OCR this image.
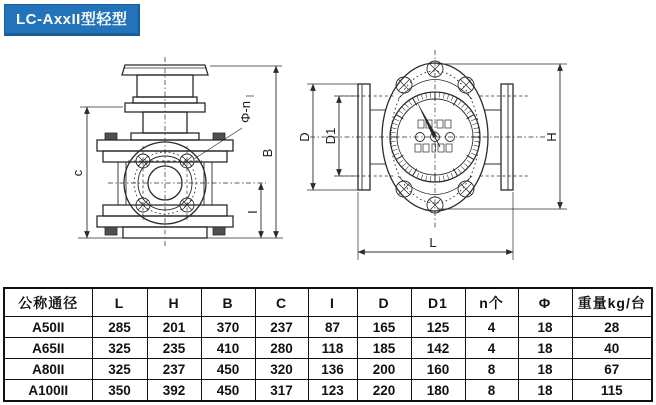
LC-AxxII型轻型
c
B
I
Φ-n
D D1	H
L
公称通径	L	H	B	C	I	D	D1	n个	Φ	重量kg/台
A50II	285	201	370	237	87	165	125	4	18	28
A65II	325	235	410	280	118	185	142	4	18	40
A80II	325	237	450	320	136	200	160	8	18	67
A100II	350	392	450	317	123	220	180	8	18	115
